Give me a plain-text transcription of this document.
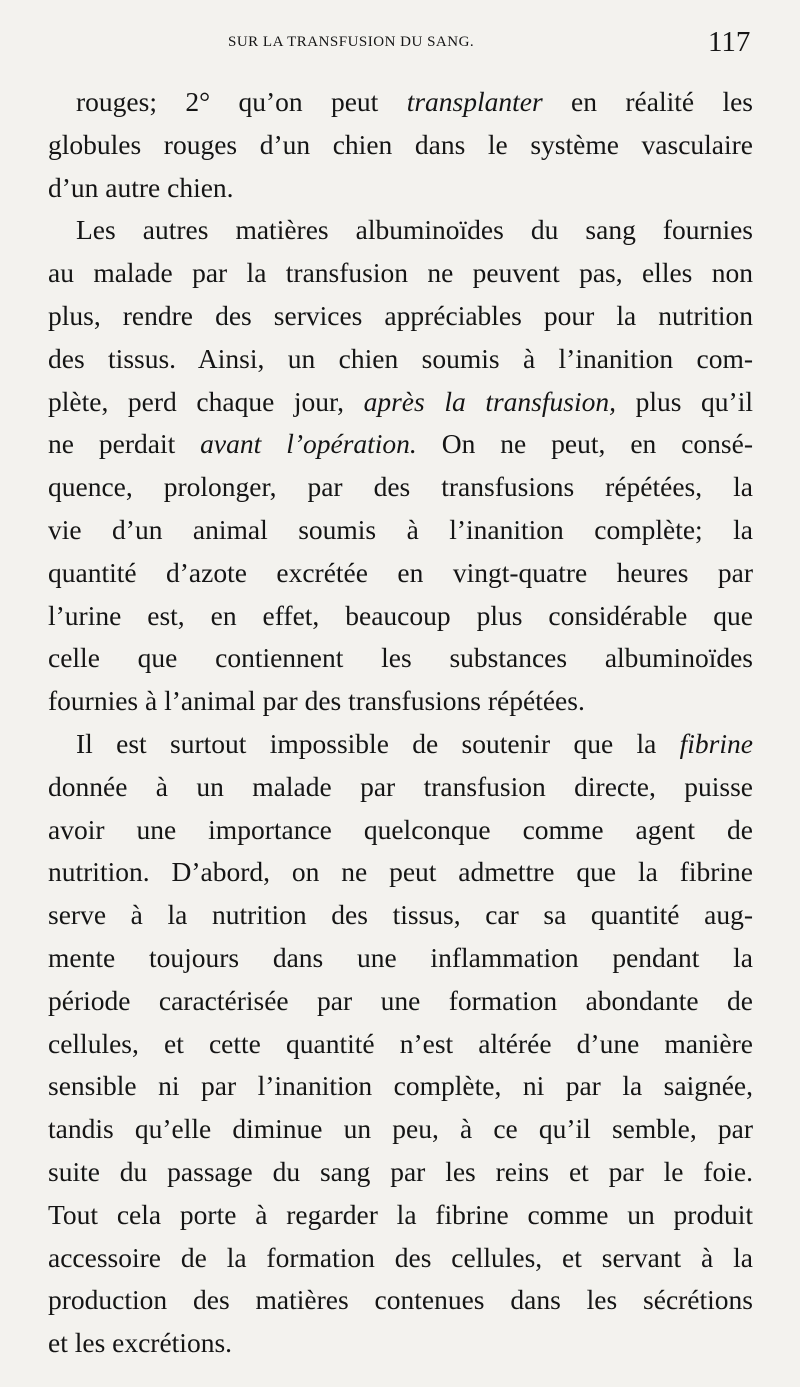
SUR LA TRANSFUSION DU SANG.	117

rouges; 2° qu’on peut transplanter en réalité les
globules rouges d’un chien dans le système vasculaire
d’un autre chien.

Les autres matières albuminoïdes du sang fournies
au malade par la transfusion ne peuvent pas, elles non
plus, rendre des services appréciables pour la nutrition
des tissus. Ainsi, un chien soumis à l’inanition com-
plète, perd chaque jour, après la transfusion, plus qu’il
ne perdait avant l’opération. On ne peut, en consé-
quence, prolonger, par des transfusions répétées, la
vie d’un animal soumis à l’inanition complète; la
quantité d’azote excrétée en vingt-quatre heures par
l’urine est, en effet, beaucoup plus considérable que
celle que contiennent les substances albuminoïdes
fournies à l’animal par des transfusions répétées.

Il est surtout impossible de soutenir que la fibrine
donnée à un malade par transfusion directe, puisse
avoir une importance quelconque comme agent de
nutrition. D’abord, on ne peut admettre que la fibrine
serve à la nutrition des tissus, car sa quantité aug-
mente toujours dans une inflammation pendant la
période caractérisée par une formation abondante de
cellules, et cette quantité n’est altérée d’une manière
sensible ni par l’inanition complète, ni par la saignée,
tandis qu’elle diminue un peu, à ce qu’il semble, par
suite du passage du sang par les reins et par le foie.
Tout cela porte à regarder la fibrine comme un produit
accessoire de la formation des cellules, et servant à la
production des matières contenues dans les sécrétions
et les excrétions.
